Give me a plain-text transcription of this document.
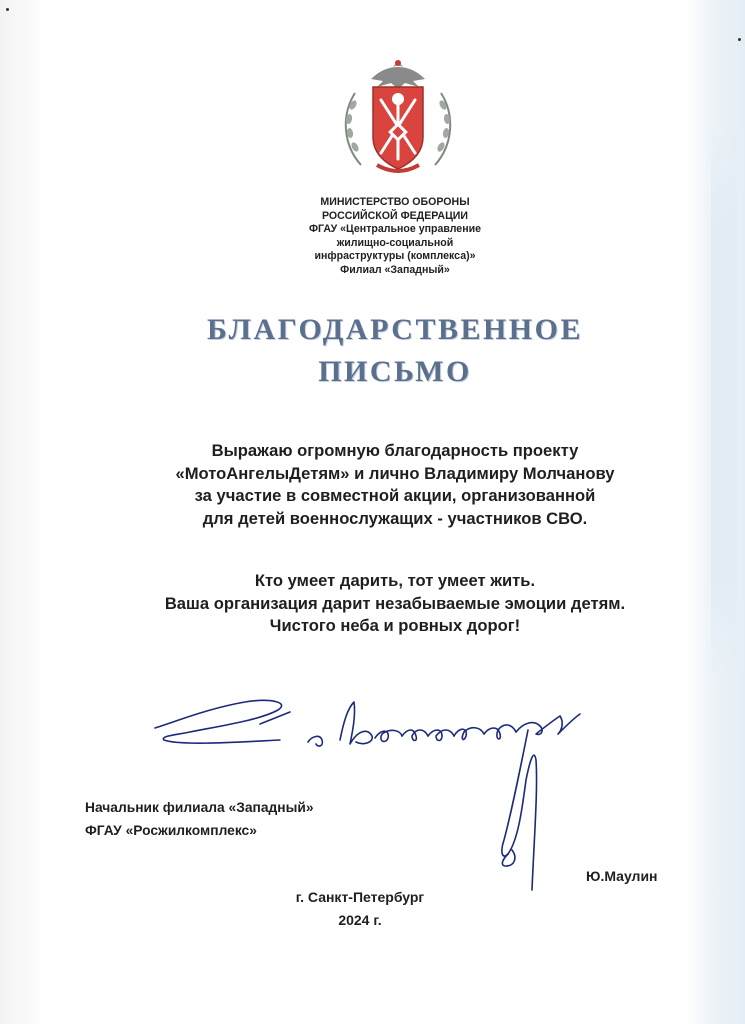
МИНИСТЕРСТВО ОБОРОНЫ
РОССИЙСКОЙ ФЕДЕРАЦИИ
ФГАУ «Центральное управление
жилищно-социальной
инфраструктуры (комплекса)»
Филиал «Западный»
БЛАГОДАРСТВЕННОЕ
ПИСЬМО
Выражаю огромную благодарность проекту
«МотоАнгелыДетям» и лично Владимиру Молчанову
за участие в совместной акции, организованной
для детей военнослужащих - участников СВО.
Кто умеет дарить, тот умеет жить.
Ваша организация дарит незабываемые эмоции детям.
Чистого неба и ровных дорог!
Начальник филиала «Западный»
ФГАУ «Росжилкомплекс»
Ю.Маулин
г. Санкт-Петербург
2024 г.
